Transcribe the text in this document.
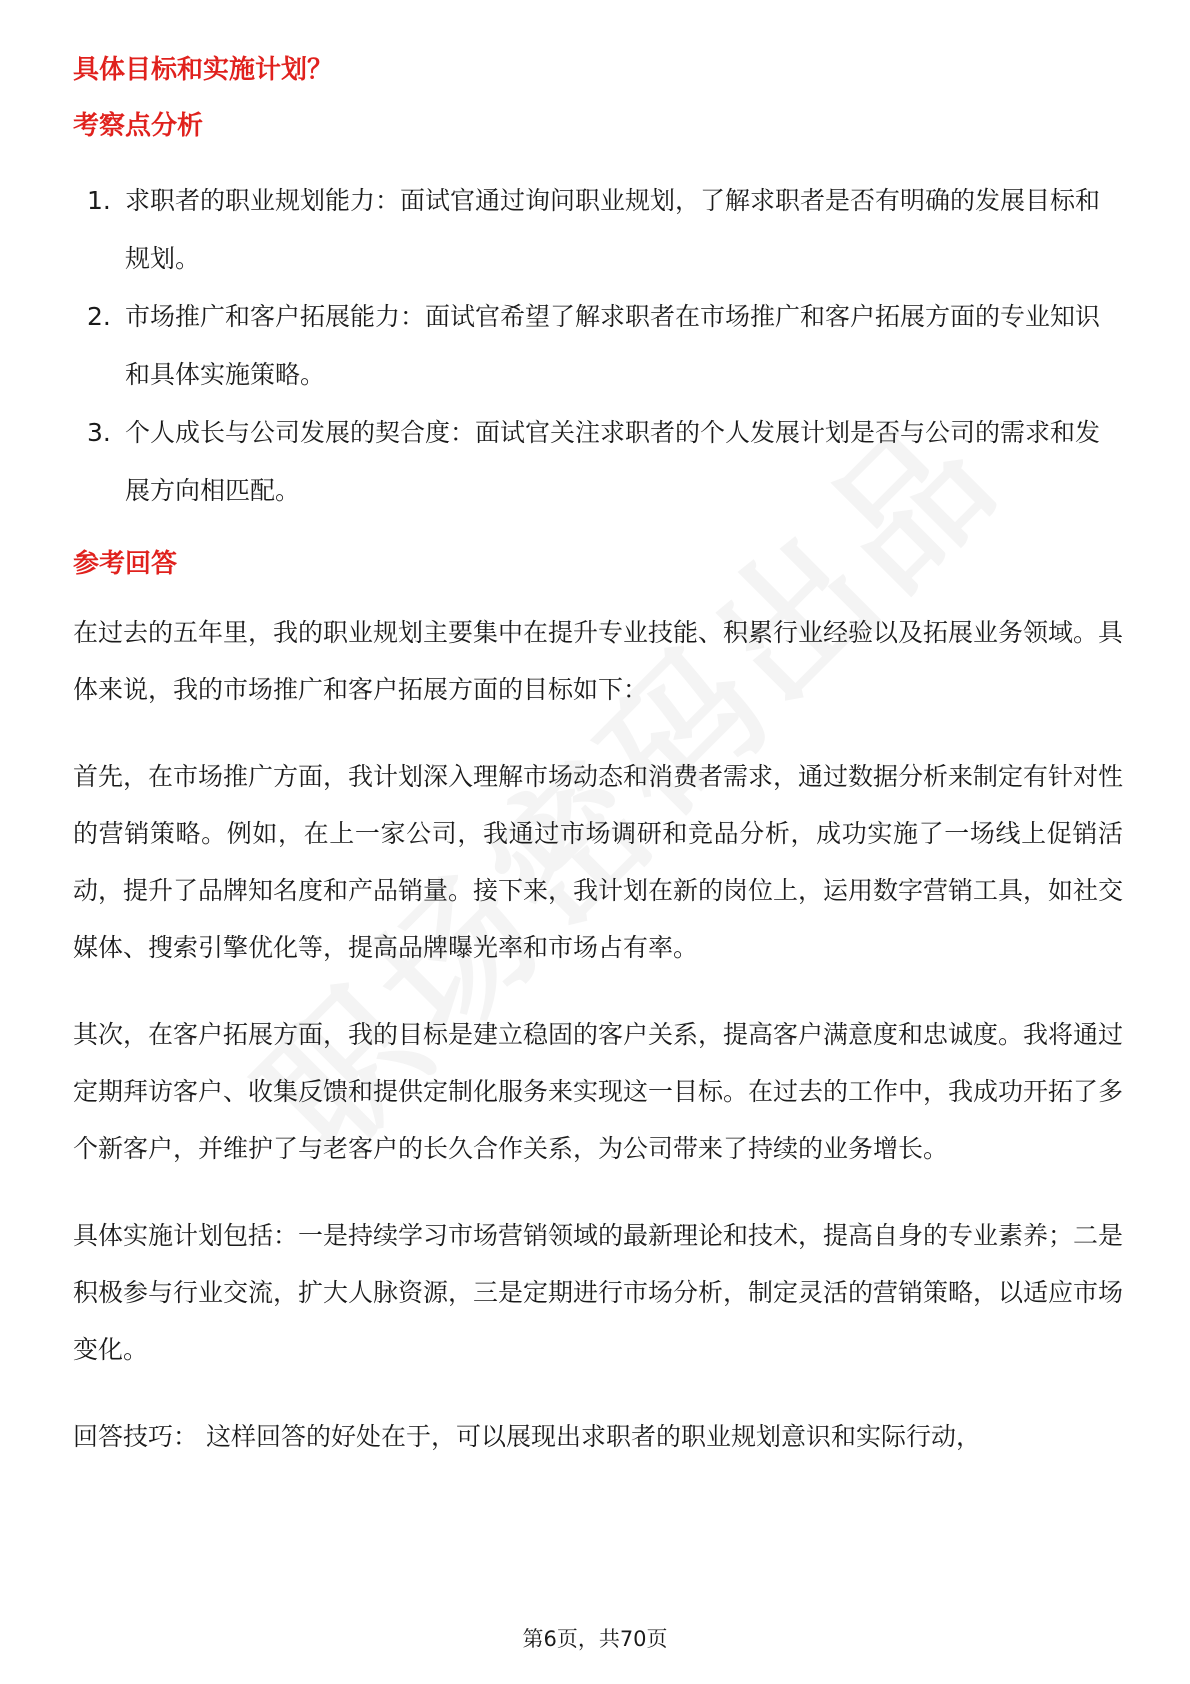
具体目标和实施计划？
考察点分析
1. 求职者的职业规划能力：面试官通过询问职业规划，了解求职者是否有明确的发展目标和规划。
2. 市场推广和客户拓展能力：面试官希望了解求职者在市场推广和客户拓展方面的专业知识和具体实施策略。
3. 个人成长与公司发展的契合度：面试官关注求职者的个人发展计划是否与公司的需求和发展方向相匹配。
参考回答

在过去的五年里，我的职业规划主要集中在提升专业技能、积累行业经验以及拓展业务领域。具体来说，我的市场推广和客户拓展方面的目标如下：

首先，在市场推广方面，我计划深入理解市场动态和消费者需求，通过数据分析来制定有针对性的营销策略。例如，在上一家公司，我通过市场调研和竞品分析，成功实施了一场线上促销活动，提升了品牌知名度和产品销量。接下来，我计划在新的岗位上，运用数字营销工具，如社交媒体、搜索引擎优化等，提高品牌曝光率和市场占有率。

其次，在客户拓展方面，我的目标是建立稳固的客户关系，提高客户满意度和忠诚度。我将通过定期拜访客户、收集反馈和提供定制化服务来实现这一目标。在过去的工作中，我成功开拓了多个新客户，并维护了与老客户的长久合作关系，为公司带来了持续的业务增长。

具体实施计划包括：一是持续学习市场营销领域的最新理论和技术，提高自身的专业素养；二是积极参与行业交流，扩大人脉资源，三是定期进行市场分析，制定灵活的营销策略，以适应市场变化。

回答技巧： 这样回答的好处在于，可以展现出求职者的职业规划意识和实际行动，

第6页，共70页
